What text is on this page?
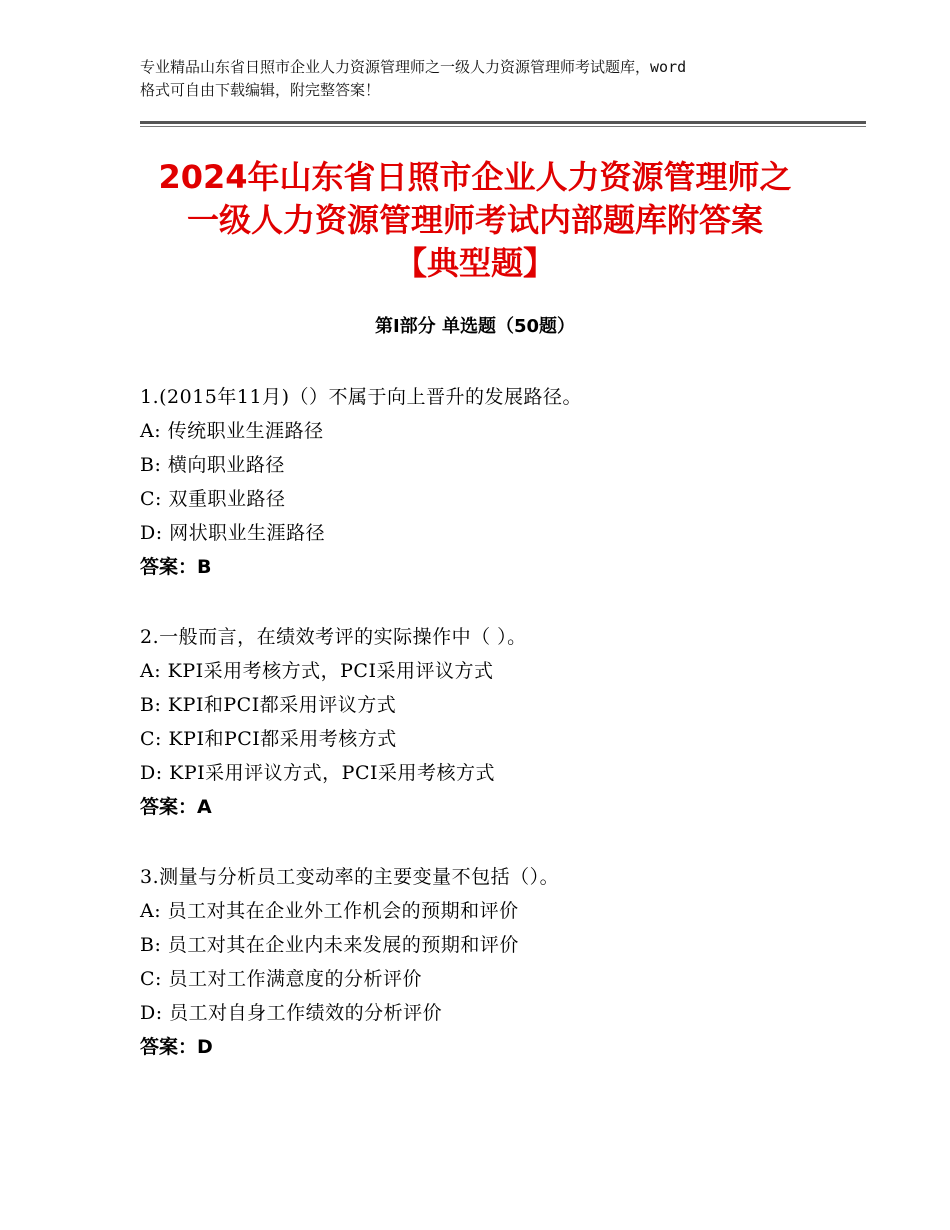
专业精品山东省日照市企业人力资源管理师之一级人力资源管理师考试题库，word
格式可自由下载编辑，附完整答案！
2024年山东省日照市企业人力资源管理师之
一级人力资源管理师考试内部题库附答案
【典型题】
第Ⅰ部分 单选题（50题）
1.(2015年11月)（）不属于向上晋升的发展路径。
A: 传统职业生涯路径
B: 横向职业路径
C: 双重职业路径
D: 网状职业生涯路径
答案：B
2.一般而言，在绩效考评的实际操作中（ ）。
A: KPI采用考核方式，PCI采用评议方式
B: KPI和PCI都采用评议方式
C: KPI和PCI都采用考核方式
D: KPI采用评议方式，PCI采用考核方式
答案：A
3.测量与分析员工变动率的主要变量不包括（）。
A: 员工对其在企业外工作机会的预期和评价
B: 员工对其在企业内未来发展的预期和评价
C: 员工对工作满意度的分析评价
D: 员工对自身工作绩效的分析评价
答案：D
